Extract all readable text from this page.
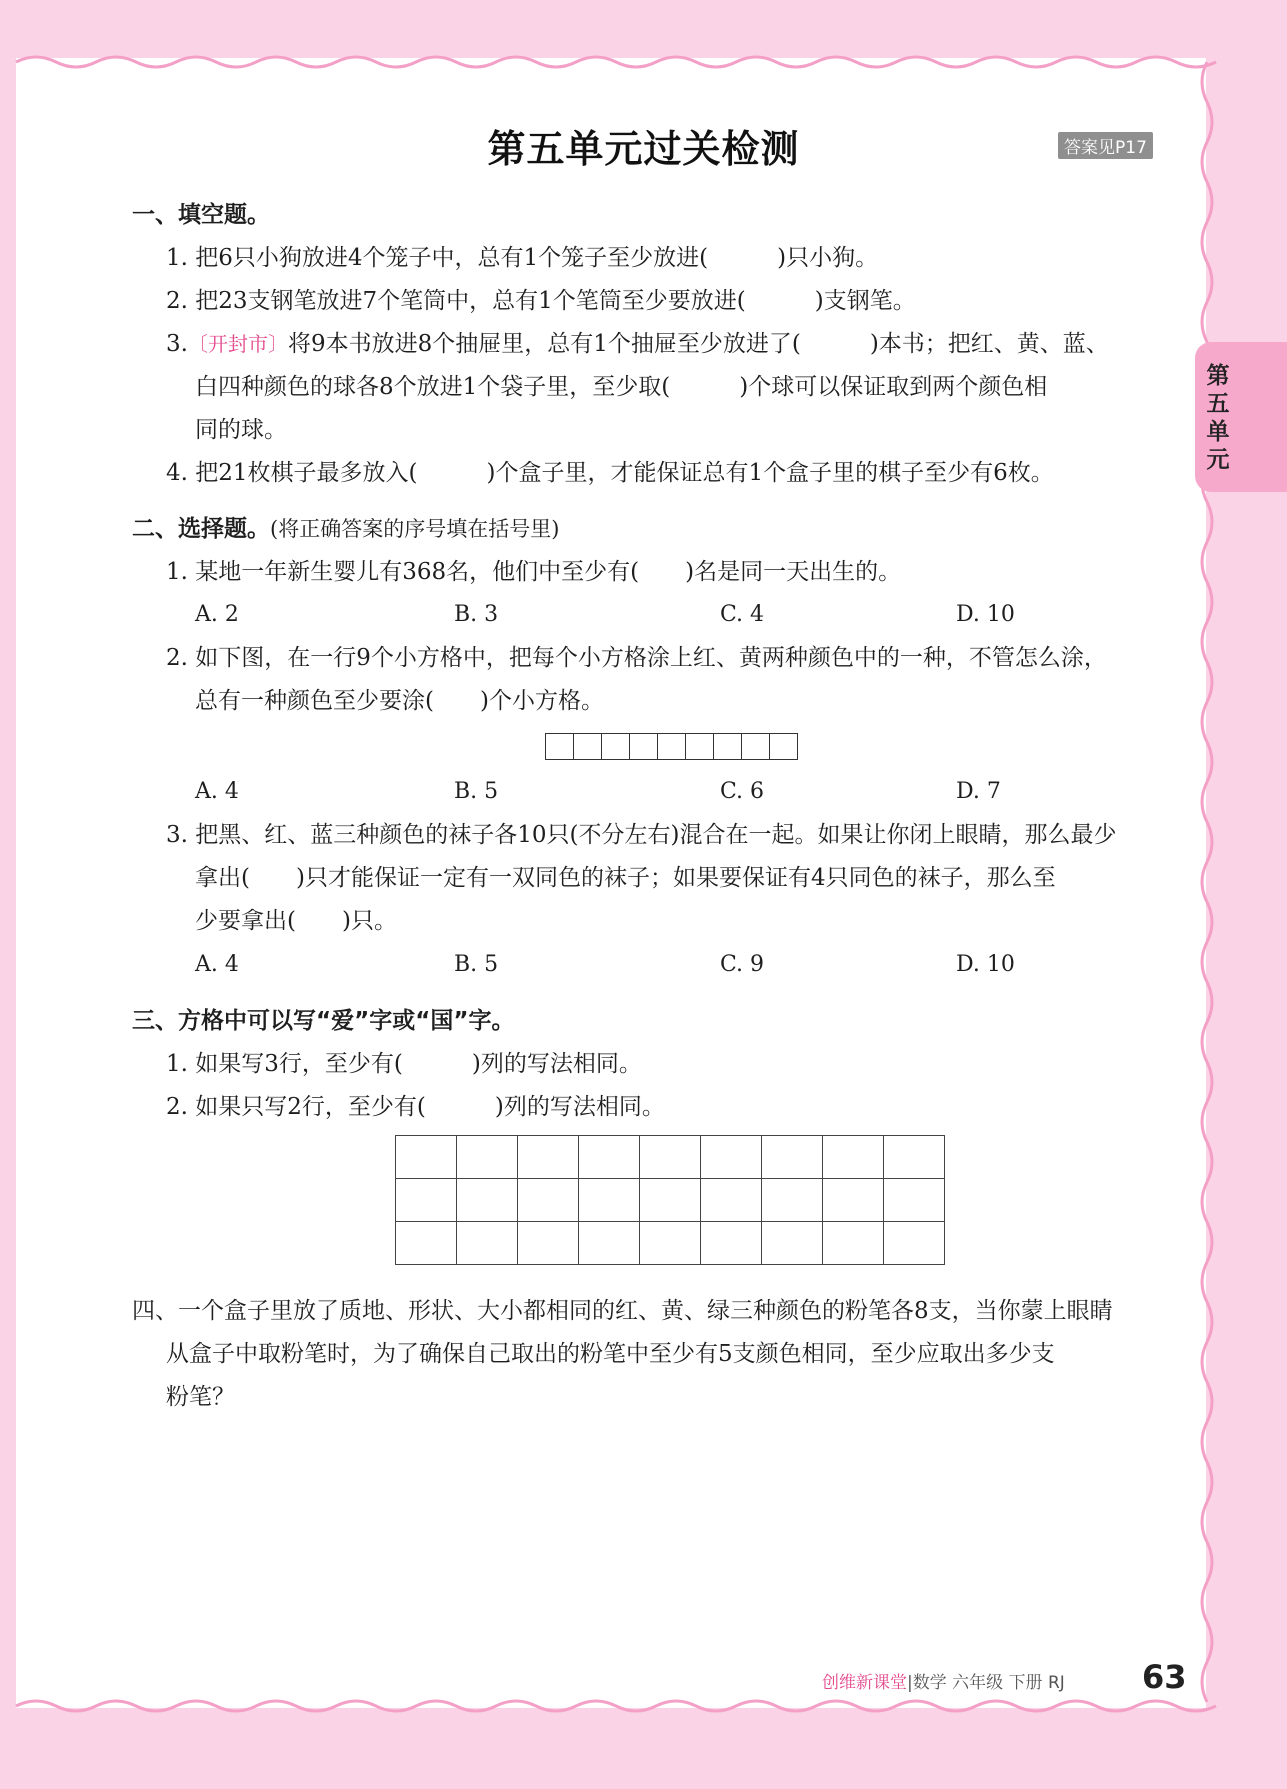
第五单元过关检测	答案见P17
第五单元
一、填空题。
1. 把6只小狗放进4个笼子中，总有1个笼子至少放进(　　　)只小狗。
2. 把23支钢笔放进7个笔筒中，总有1个笔筒至少要放进(　　　)支钢笔。
3.〔开封市〕将9本书放进8个抽屉里，总有1个抽屉至少放进了(　　　)本书；把红、黄、蓝、
白四种颜色的球各8个放进1个袋子里，至少取(　　　)个球可以保证取到两个颜色相
同的球。
4. 把21枚棋子最多放入(　　　)个盒子里，才能保证总有1个盒子里的棋子至少有6枚。
二、选择题。(将正确答案的序号填在括号里)
1. 某地一年新生婴儿有368名，他们中至少有(　　)名是同一天出生的。
A. 2	B. 3	C. 4	D. 10
2. 如下图，在一行9个小方格中，把每个小方格涂上红、黄两种颜色中的一种，不管怎么涂，
总有一种颜色至少要涂(　　)个小方格。
A. 4	B. 5	C. 6	D. 7
3. 把黑、红、蓝三种颜色的袜子各10只(不分左右)混合在一起。如果让你闭上眼睛，那么最少
拿出(　　)只才能保证一定有一双同色的袜子；如果要保证有4只同色的袜子，那么至
少要拿出(　　)只。
A. 4	B. 5	C. 9	D. 10
三、方格中可以写“爱”字或“国”字。
1. 如果写3行，至少有(　　　)列的写法相同。
2. 如果只写2行，至少有(　　　)列的写法相同。

四、一个盒子里放了质地、形状、大小都相同的红、黄、绿三种颜色的粉笔各8支，当你蒙上眼睛
从盒子中取粉笔时，为了确保自己取出的粉笔中至少有5支颜色相同，至少应取出多少支
粉笔？
创维新课堂|数学 六年级 下册 RJ 63
